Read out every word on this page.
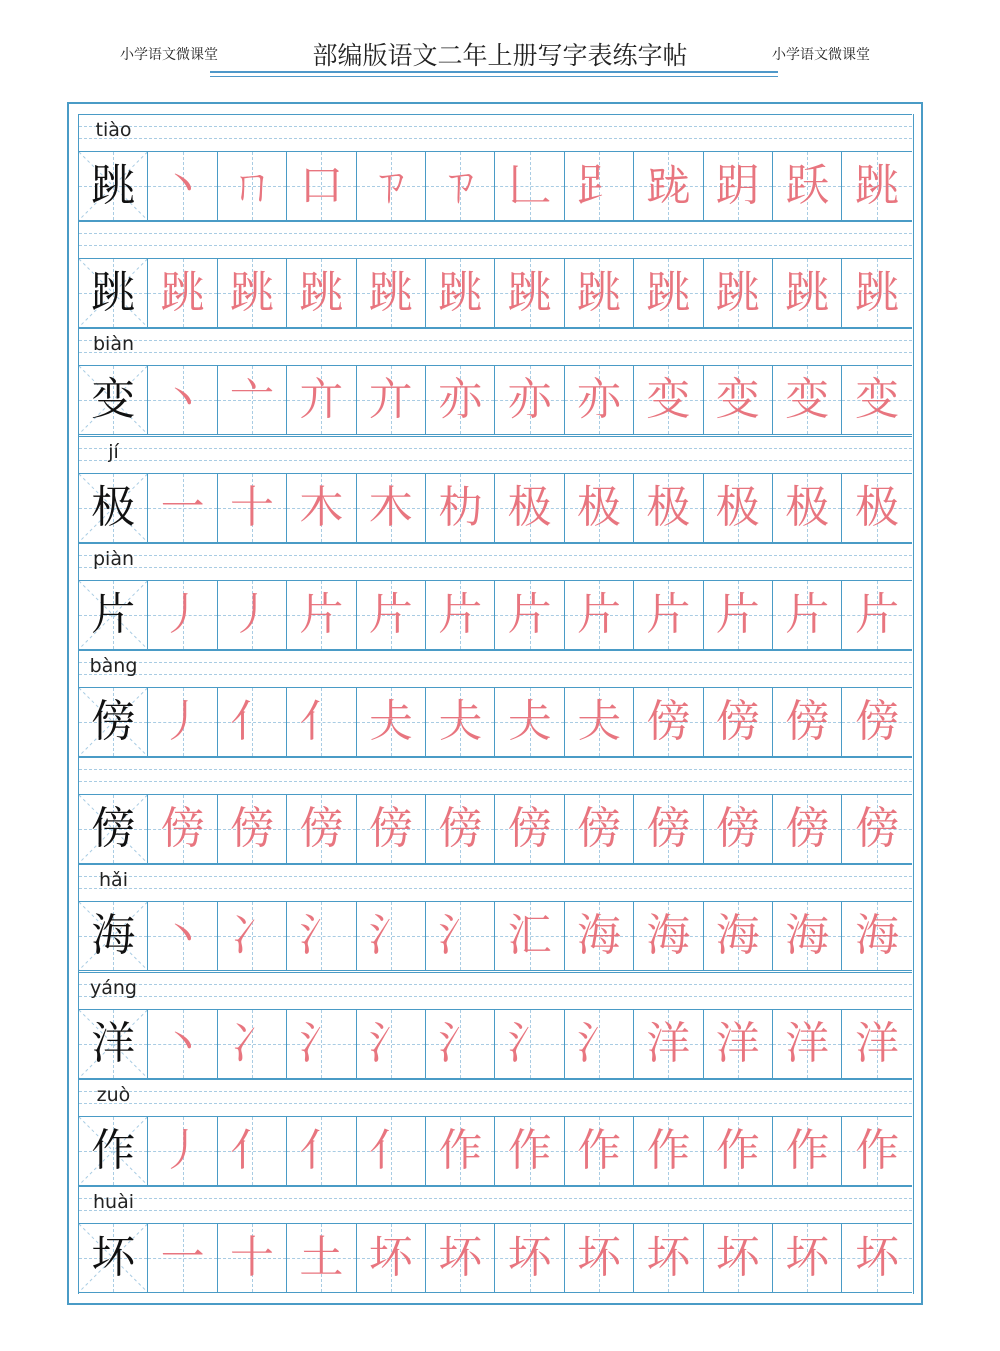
小学语文微课堂	部编版语文二年上册写字表练字帖	小学语文微课堂
tiào
跳 丶 ㄇ 口 ㄗ ㄗ 𠃊 𧾷 𨀁 跀 跃 跳
跳 跳 跳 跳 跳 跳 跳 跳 跳 跳 跳 跳
biàn
变 丶 亠 亣 亣 亦 亦 亦 变 变 变 变
jí
极 一 十 木 木 朸 极 极 极 极 极 极
piàn
片 丿 丿 片 片 片 片 片 片 片 片 片
bàng
傍 丿 亻 亻 仧 仧 仧 仧 傍 傍 傍 傍
傍 傍 傍 傍 傍 傍 傍 傍 傍 傍 傍 傍
hǎi
海 丶 冫 氵 氵 氵 汇 海 海 海 海 海
yáng
洋 丶 冫 氵 氵 氵 氵 氵 洋 洋 洋 洋
zuò
作 丿 亻 亻 亻 作 作 作 作 作 作 作
huài
坏 一 十 土 坏 坏 坏 坏 坏 坏 坏 坏
